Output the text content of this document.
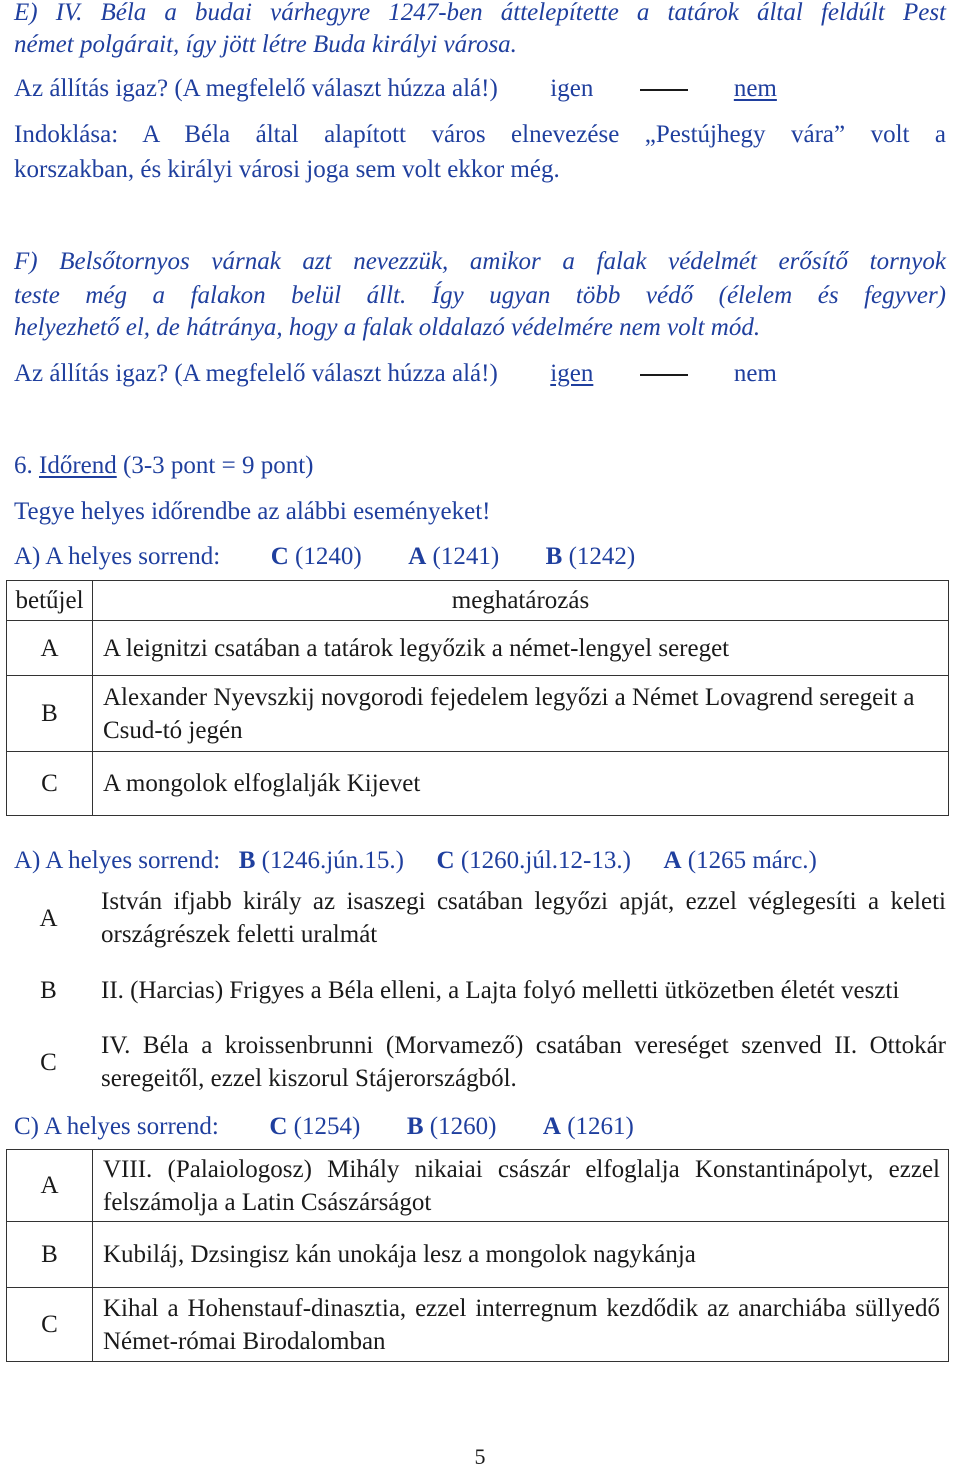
E) IV. Béla a budai várhegyre 1247-ben áttelepítette a tatárok által feldúlt Pest
német polgárait, így jött létre Buda királyi városa.
Az állítás igaz? (A megfelelő választ húzza alá!) igen	nem
Indoklása: A Béla által alapított város elnevezése „Pestújhegy vára” volt a
korszakban, és királyi városi joga sem volt ekkor még.
F) Belsőtornyos várnak azt nevezzük, amikor a falak védelmét erősítő tornyok
teste még a falakon belül állt. Így ugyan több védő (élelem és fegyver)
helyezhető el, de hátránya, hogy a falak oldalazó védelmére nem volt mód.
Az állítás igaz? (A megfelelő választ húzza alá!) igen	nem
6. Időrend (3-3 pont = 9 pont)
Tegye helyes időrendbe az alábbi eseményeket!
A) A helyes sorrend: C (1240) A (1241) B (1242)
betűjel	meghatározás
A	A leignitzi csatában a tatárok legyőzik a német-lengyel sereget
B	Alexander Nyevszkij novgorodi fejedelem legyőzi a Német Lovagrend seregeit a Csud-tó jegén
C	A mongolok elfoglalják Kijevet
A) A helyes sorrend: B (1246.jún.15.) C (1260.júl.12-13.) A (1265 márc.)
A	István ifjabb király az isaszegi csatában legyőzi apját, ezzel véglegesíti a keleti országrészek feletti uralmát
B	II. (Harcias) Frigyes a Béla elleni, a Lajta folyó melletti ütközetben életét veszti
C	IV. Béla a kroissenbrunni (Morvamező) csatában vereséget szenved II. Ottokár seregeitől, ezzel kiszorul Stájerországból.
C) A helyes sorrend: C (1254) B (1260) A (1261)
A	VIII. (Palaiologosz) Mihály nikaiai császár elfoglalja Konstantinápolyt, ezzel felszámolja a Latin Császárságot
B	Kubiláj, Dzsingisz kán unokája lesz a mongolok nagykánja
C	Kihal a Hohenstauf-dinasztia, ezzel interregnum kezdődik az anarchiába süllyedő Német-római Birodalomban
5
